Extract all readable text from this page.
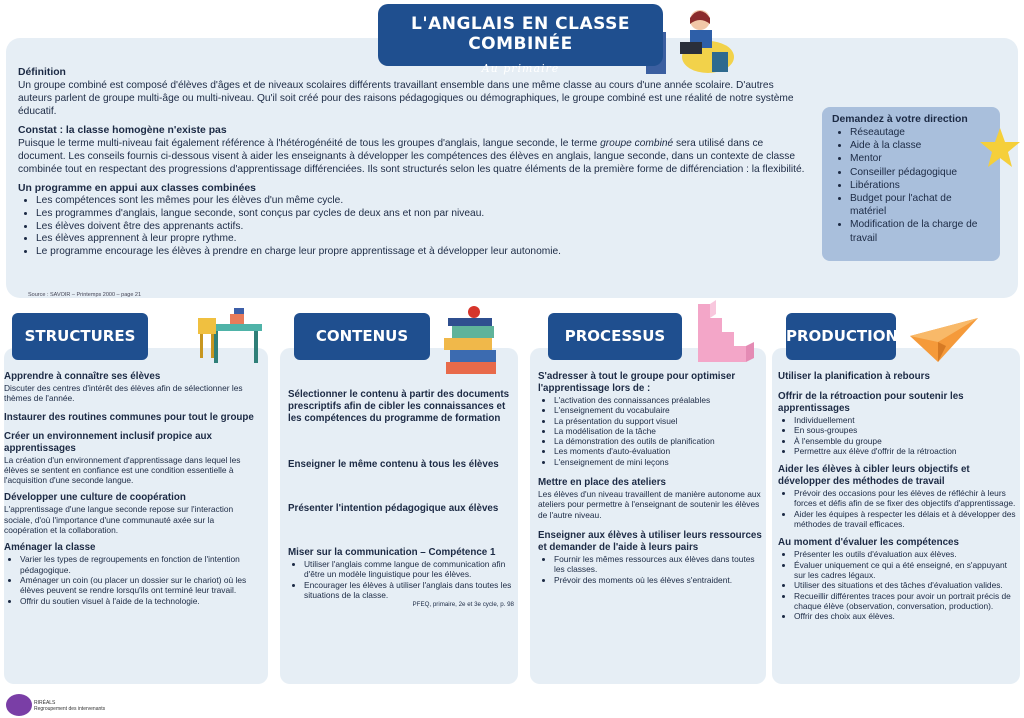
L'ANGLAIS EN CLASSE COMBINÉE
Au primaire
Définition

Un groupe combiné est composé d'élèves d'âges et de niveaux scolaires différents travaillant ensemble dans une même classe au cours d'une année scolaire. D'autres auteurs parlent de groupe multi-âge ou multi-niveau. Qu'il soit créé pour des raisons pédagogiques ou démographiques, le groupe combiné est une réalité de notre système éducatif.

Constat : la classe homogène n'existe pas

Puisque le terme multi-niveau fait également référence à l'hétérogénéité de tous les groupes d'anglais, langue seconde, le terme groupe combiné sera utilisé dans ce document. Les conseils fournis ci-dessous visent à aider les enseignants à développer les compétences des élèves en anglais, langue seconde, dans un contexte de classe combinée tout en respectant des progressions d'apprentissage différenciées. Ils sont structurés selon les quatre éléments de la première forme de différenciation : la flexibilité.

Un programme en appui aux classes combinées
• Les compétences sont les mêmes pour les élèves d'un même cycle.
• Les programmes d'anglais, langue seconde, sont conçus par cycles de deux ans et non par niveau.
• Les élèves doivent être des apprenants actifs.
• Les élèves apprennent à leur propre rythme.
• Le programme encourage les élèves à prendre en charge leur propre apprentissage et à développer leur autonomie.
Source : SAVOIR – Printemps 2000 – page 21
Demandez à votre direction
• Réseautage
• Aide à la classe
• Mentor
• Conseiller pédagogique
• Libérations
• Budget pour l'achat de matériel
• Modification de la charge de travail
STRUCTURES	CONTENUS	PROCESSUS	PRODUCTIONS
Apprendre à connaître ses élèves

Discuter des centres d'intérêt des élèves afin de sélectionner les thèmes de l'année.

Instaurer des routines communes pour tout le groupe
Créer un environnement inclusif propice aux apprentissages

La création d'un environnement d'apprentissage dans lequel les élèves se sentent en confiance est une condition essentielle à l'acquisition d'une seconde langue.

Développer une culture de coopération

L'apprentissage d'une langue seconde repose sur l'interaction sociale, d'où l'importance d'une communauté axée sur la coopération et la collaboration.

Aménager la classe
• Varier les types de regroupements en fonction de l'intention pédagogique.
• Aménager un coin (ou placer un dossier sur le chariot) où les élèves peuvent se rendre lorsqu'ils ont terminé leur travail.
• Offrir du soutien visuel à l'aide de la technologie.
Sélectionner le contenu à partir des documents prescriptifs afin de cibler les connaissances et les compétences du programme de formation
Enseigner le même contenu à tous les élèves
Présenter l'intention pédagogique aux élèves
Miser sur la communication – Compétence 1
• Utiliser l'anglais comme langue de communication afin d'être un modèle linguistique pour les élèves.
• Encourager les élèves à utiliser l'anglais dans toutes les situations de la classe.

PFEQ, primaire, 2e et 3e cycle, p. 98

S'adresser à tout le groupe pour optimiser l'apprentissage lors de :
• L'activation des connaissances préalables
• L'enseignement du vocabulaire
• La présentation du support visuel
• La modélisation de la tâche
• La démonstration des outils de planification
• Les moments d'auto-évaluation
• L'enseignement de mini leçons
Mettre en place des ateliers

Les élèves d'un niveau travaillent de manière autonome aux ateliers pour permettre à l'enseignant de soutenir les élèves de l'autre niveau.

Enseigner aux élèves à utiliser leurs ressources et demander de l'aide à leurs pairs
• Fournir les mêmes ressources aux élèves dans toutes les classes.
• Prévoir des moments où les élèves s'entraident.
Utiliser la planification à rebours
Offrir de la rétroaction pour soutenir les apprentissages
• Individuellement
• En sous-groupes
• À l'ensemble du groupe
• Permettre aux élève d'offrir de la rétroaction
Aider les élèves à cibler leurs objectifs et développer des méthodes de travail
• Prévoir des occasions pour les élèves de réfléchir à leurs forces et défis afin de se fixer des objectifs d'apprentissage.
• Aider les équipes à respecter les délais et à développer des méthodes de travail efficaces.
Au moment d'évaluer les compétences
• Présenter les outils d'évaluation aux élèves.
• Évaluer uniquement ce qui a été enseigné, en s'appuyant sur les cadres légaux.
• Utiliser des situations et des tâches d'évaluation valides.
• Recueillir différentes traces pour avoir un portrait précis de chaque élève (observation, conversation, production).
• Offrir des choix aux élèves.
RIRÉALS
Regroupement des intervenants
